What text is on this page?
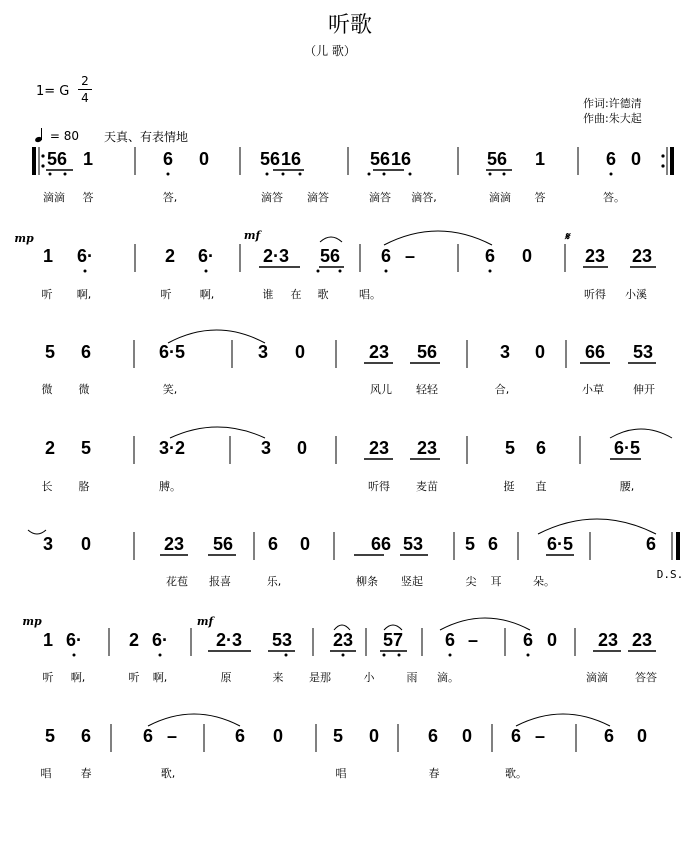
听歌
（儿 歌）
1= G
2
4	作词:许德清
作曲:朱大起
= 80 天真、有表情地
56 1	6 0	56 16	56 16	56 1	6 0
滴滴 答	答,	滴答 滴答	滴答 滴答,	滴滴 答	答。
1 6·	2 6·	2·3 56 6 –	6 0	23 23
听 啊,	听	啊,	谁 在 歌	唱。	听得 小溪
5 6	6·5	3 0	23 56	3 0 66 53
微 微	笑,	风儿 轻轻	合,	小草	伸开
2 5	3·2	3 0	23 23	5 6	6·5
长 胳	膊。	听得 麦苗	挺 直	腰,
3 0	23 56 6 0	66 53 5 6	6·5	6
花苞 报喜	乐,	柳条 竖起	尖 耳	朵。
1 6·	2 6·	2·3 53 23 57 6 – 6 0 23 23
听 啊,	听 啊,	原	来 是那	小	雨 滴。	滴滴 答答
5 6	6 –	6 0	5 0	6 0 6 –	6 0
唱	春	歌,	唱	春	歌。
mp	mf	𝄋
mp	mf
D.S.
